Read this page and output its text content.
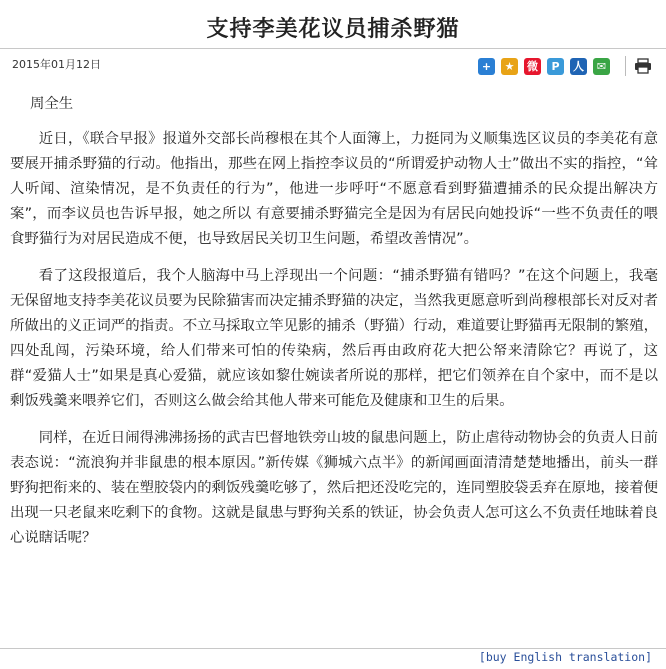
支持李美花议员捕杀野猫
2015年01月12日	+	★	微	P	人	✉

周全生

近日，《联合早报》报道外交部长尚穆根在其个人面簿上，力挺同为义顺集选区议员的李美花有意要展开捕杀野猫的行动。他指出，那些在网上指控李议员的“所谓爱护动物人士”做出不实的指控，“耸人听闻、渲染情况，是不负责任的行为”，他进一步呼吁“不愿意看到野猫遭捕杀的民众提出解决方案”，而李议员也告诉早报，她之所以 有意要捕杀野猫完全是因为有居民向她投诉“一些不负责任的喂食野猫行为对居民造成不便，也导致居民关切卫生问题，希望改善情况”。

看了这段报道后，我个人脑海中马上浮现出一个问题：“捕杀野猫有错吗？”在这个问题上，我毫无保留地支持李美花议员要为民除猫害而决定捕杀野猫的决定，当然我更愿意听到尚穆根部长对反对者所做出的义正词严的指责。不立马採取立竿见影的捕杀（野猫）行动，难道要让野猫再无限制的繁殖，四处乱闯，污染环境，给人们带来可怕的传染病，然后再由政府花大把公帑来清除它？再说了，这群“爱猫人士”如果是真心爱猫，就应该如黎仕婉读者所说的那样，把它们领养在自个家中，而不是以剩饭残羹来喂养它们，否则这么做会给其他人带来可能危及健康和卫生的后果。

同样，在近日闹得沸沸扬扬的武吉巴督地铁旁山坡的鼠患问题上，防止虐待动物协会的负责人日前表态说：“流浪狗并非鼠患的根本原因。”新传媒《狮城六点半》的新闻画面清清楚楚地播出，前头一群野狗把衔来的、装在塑胶袋内的剩饭残羹吃够了，然后把还没吃完的，连同塑胶袋丢弃在原地，接着便出现一只老鼠来吃剩下的食物。这就是鼠患与野狗关系的铁证，协会负责人怎可这么不负责任地昧着良心说瞎话呢？

[buy English translation]
